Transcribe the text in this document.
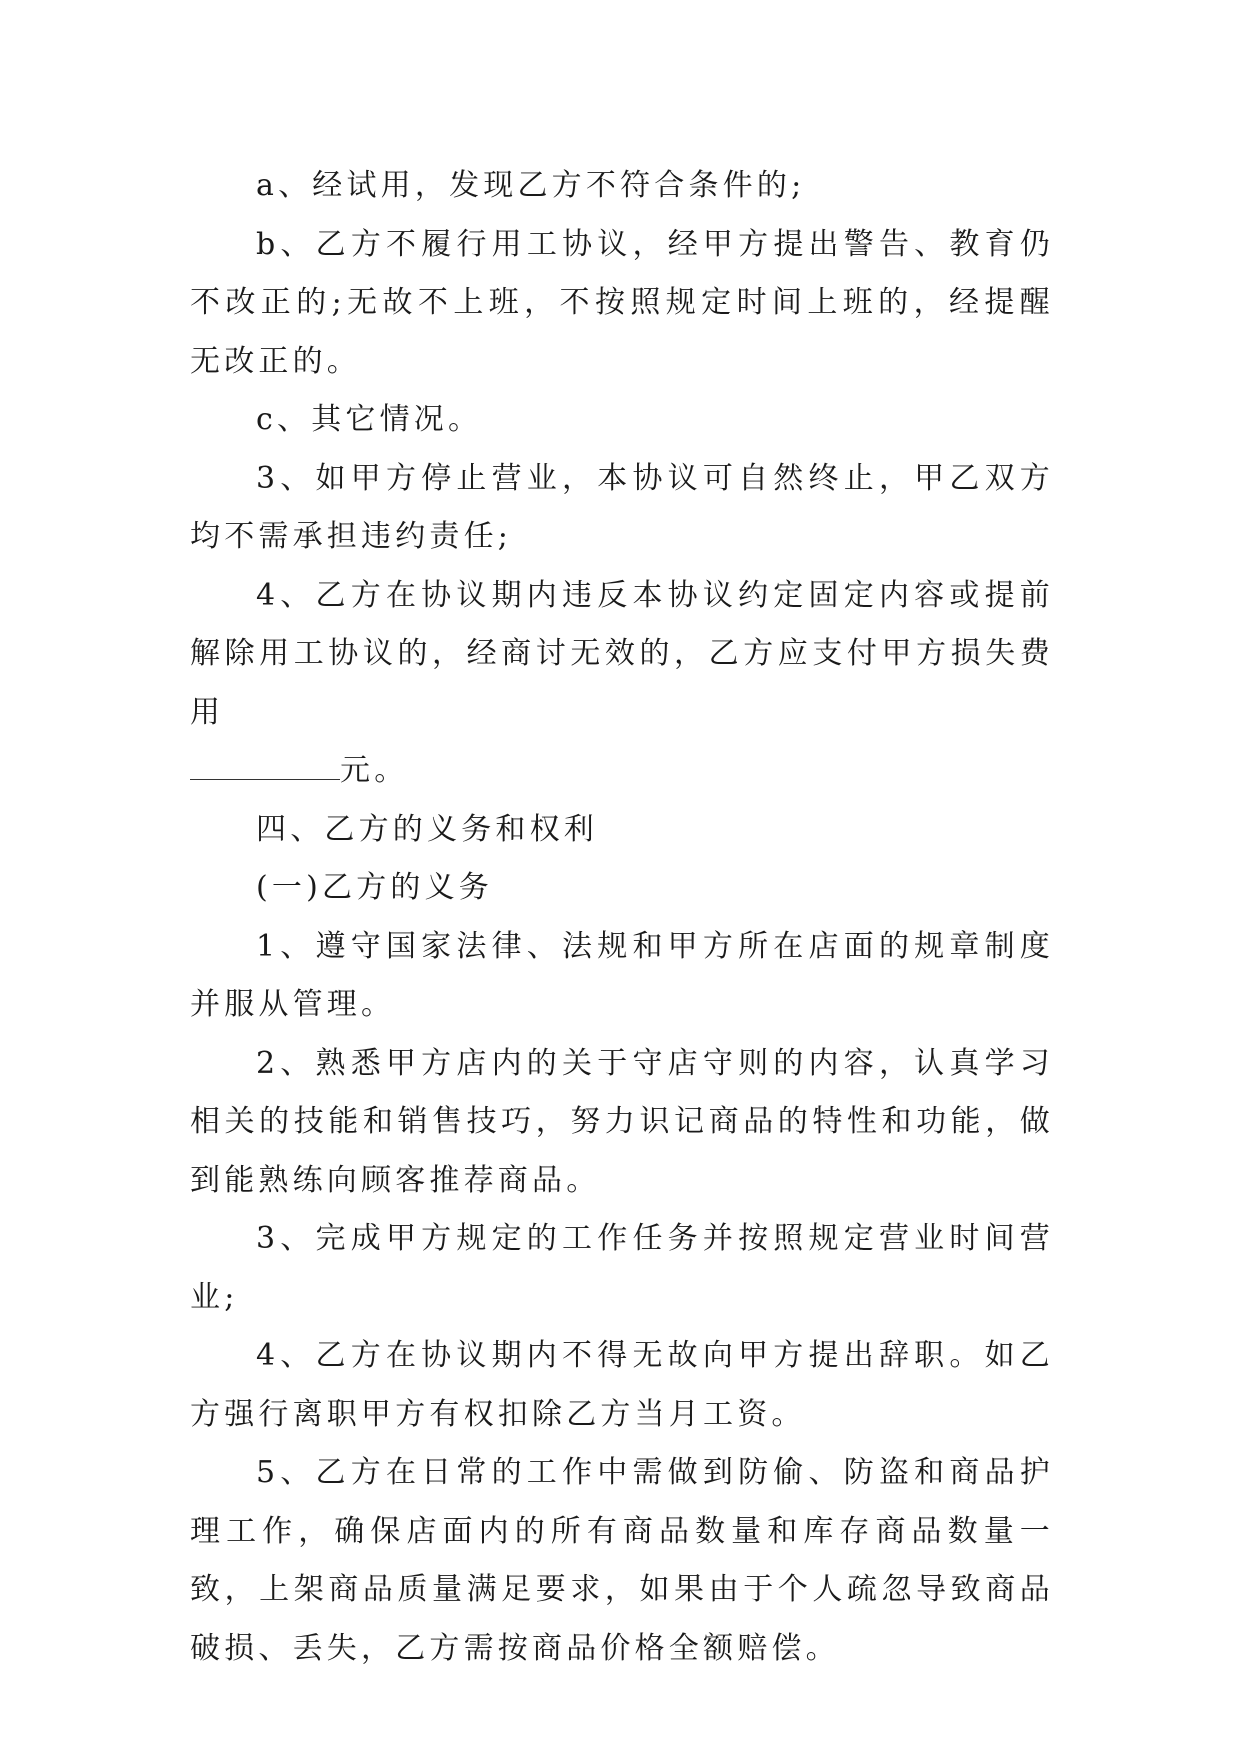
a、经试用，发现乙方不符合条件的;

b、乙方不履行用工协议，经甲方提出警告、教育仍不改正的;无故不上班，不按照规定时间上班的，经提醒无改正的。

c、其它情况。

3、如甲方停止营业，本协议可自然终止，甲乙双方均不需承担违约责任;

4、乙方在协议期内违反本协议约定固定内容或提前解除用工协议的，经商讨无效的，乙方应支付甲方损失费用

元。

四、乙方的义务和权利

(一)乙方的义务

1、遵守国家法律、法规和甲方所在店面的规章制度并服从管理。

2、熟悉甲方店内的关于守店守则的内容，认真学习相关的技能和销售技巧，努力识记商品的特性和功能，做到能熟练向顾客推荐商品。

3、完成甲方规定的工作任务并按照规定营业时间营业;

4、乙方在协议期内不得无故向甲方提出辞职。如乙方强行离职甲方有权扣除乙方当月工资。

5、乙方在日常的工作中需做到防偷、防盗和商品护理工作，确保店面内的所有商品数量和库存商品数量一致，上架商品质量满足要求，如果由于个人疏忽导致商品破损、丢失，乙方需按商品价格全额赔偿。
